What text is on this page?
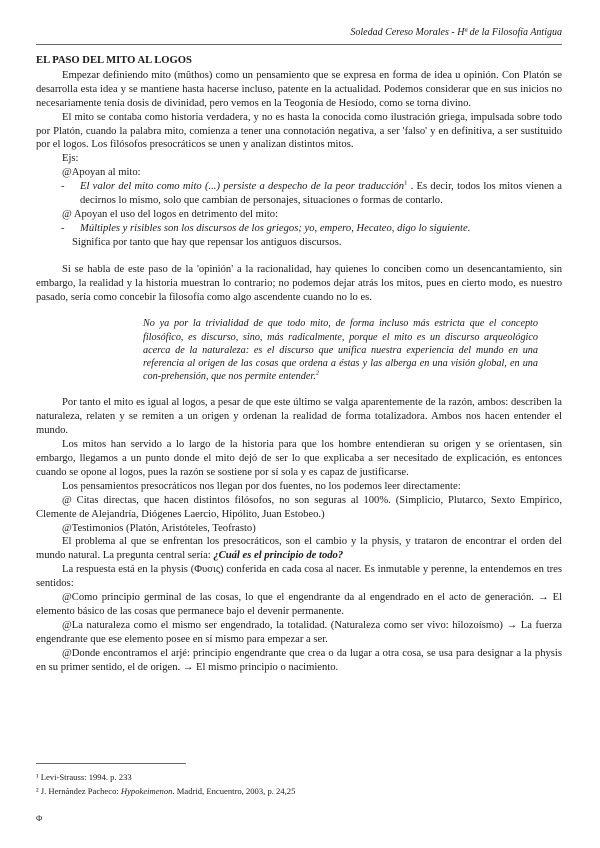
Soledad Cereso Morales - Hª de la Filosofía Antigua

EL PASO DEL MITO AL LOGOS

Empezar definiendo mito (mûthos) como un pensamiento que se expresa en forma de idea u opinión. Con Platón se desarrolla esta idea y se mantiene hasta hacerse incluso, patente en la actualidad. Podemos considerar que en sus inicios no necesariamente tenía dosis de divinidad, pero vemos en la Teogonía de Hesíodo, como se torna divino.

El mito se contaba como historia verdadera, y no es hasta la conocida como ilustración griega, impulsada sobre todo por Platón, cuando la palabra mito, comienza a tener una connotación negativa, a ser 'falso' y en definitiva, a ser sustituido por el logos. Los filósofos presocráticos se unen y analizan distintos mitos.

Ejs:

@Apoyan al mito:

- El valor del mito como mito (...) persiste a despecho de la peor traducción$^1$ . Es decir, todos los mitos vienen a decirnos lo mismo, solo que cambian de personajes, situaciones o formas de contarlo.

@ Apoyan el uso del logos en detrimento del mito:

- Múltiples y risibles son los discursos de los griegos; yo, empero, Hecateo, digo lo siguiente.

Significa por tanto que hay que repensar los antiguos discursos.

Si se habla de este paso de la 'opinión' a la racionalidad, hay quienes lo conciben como un desencantamiento, sin embargo, la realidad y la historia muestran lo contrario; no podemos dejar atrás los mitos, pues en cierto modo, es nuestro pasado, sería como concebir la filosofía como algo ascendente cuando no lo es.

No ya por la trivialidad de que todo mito, de forma incluso más estricta que el concepto filosófico, es discurso, sino, más radicalmente, porque el mito es un discurso arqueológico acerca de la naturaleza: es el discurso que unifica nuestra experiencia del mundo en una referencia al origen de las cosas que ordena a éstas y las alberga en una visión global, en una con-prehensión, que nos permite entender.$^2$

Por tanto el mito es igual al logos, a pesar de que este último se valga aparentemente de la razón, ambos: describen la naturaleza, relaten y se remiten a un origen y ordenan la realidad de forma totalizadora. Ambos nos hacen entender el mundo.

Los mitos han servido a lo largo de la historia para que los hombre entendieran su origen y se orientasen, sin embargo, llegamos a un punto donde el mito dejó de ser lo que explicaba a ser necesitado de explicación, es entonces cuando se opone al logos, pues la razón se sostiene por sí sola y es capaz de justificarse.

Los pensamientos presocráticos nos llegan por dos fuentes, no los podemos leer directamente:

@ Citas directas, que hacen distintos filósofos, no son seguras al 100%. (Simplicio, Plutarco, Sexto Empírico, Clemente de Alejandría, Diógenes Laercio, Hipólito, Juan Estobeo.)

@Testimonios (Platón, Aristóteles, Teofrasto)

El problema al que se enfrentan los presocráticos, son el cambio y la physis, y trataron de encontrar el orden del mundo natural. La pregunta central sería: ¿Cuál es el principio de todo?

La respuesta está en la physis (Φυσις) conferida en cada cosa al nacer. Es inmutable y perenne, la entendemos en tres sentidos:

@Como principio germinal de las cosas, lo que el engendrante da al engendrado en el acto de generación. → El elemento básico de las cosas que permanece bajo el devenir permanente.

@La naturaleza como el mismo ser engendrado, la totalidad. (Naturaleza como ser vivo: hilozoísmo) → La fuerza engendrante que ese elemento posee en sí mismo para empezar a ser.

@Donde encontramos el arjé: principio engendrante que crea o da lugar a otra cosa, se usa para designar a la physis en su primer sentido, el de origen. → El mismo principio o nacimiento.

¹ Levi-Strauss: 1994. p. 233
² J. Hernández Pacheco: Hypokeimenon. Madrid, Encuentro, 2003, p. 24,25
Φ
